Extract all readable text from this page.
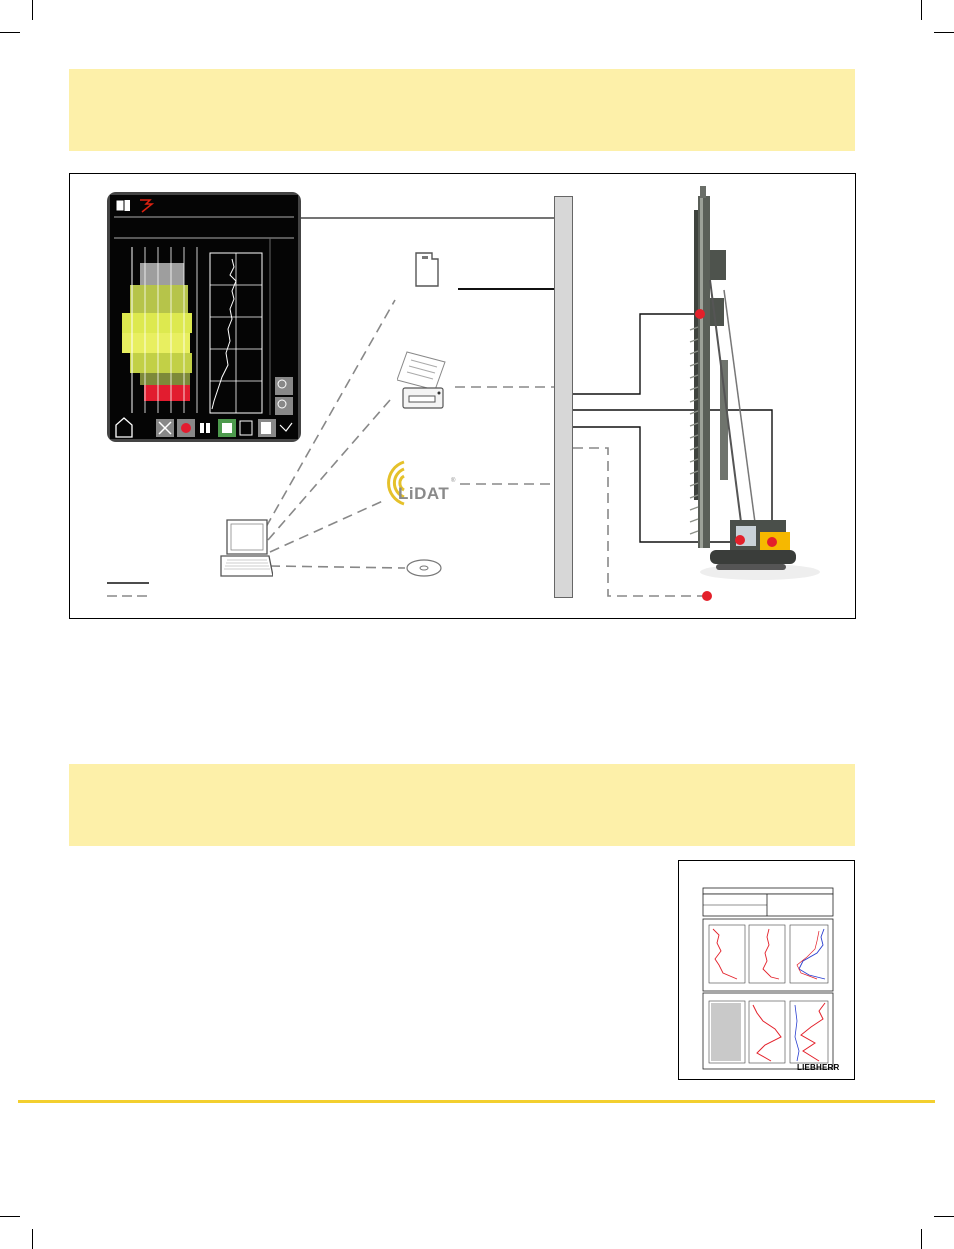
LiDAT
®
LIEBHERR
